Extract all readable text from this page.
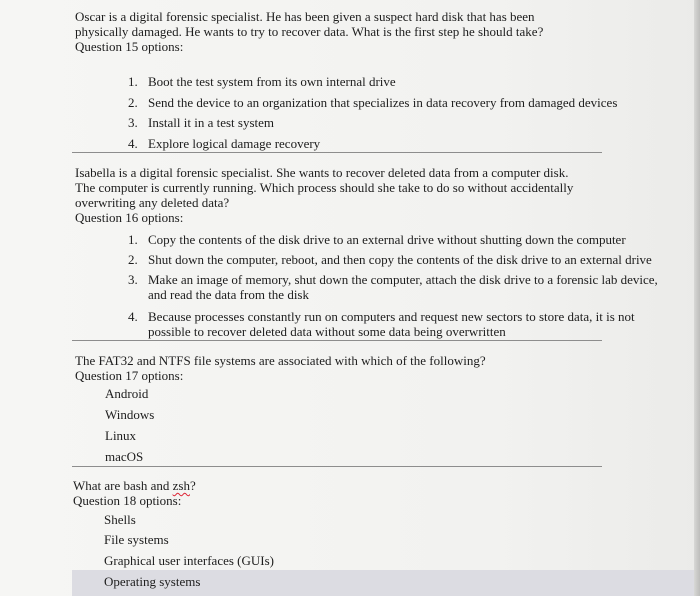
Oscar is a digital forensic specialist. He has been given a suspect hard disk that has been
physically damaged. He wants to try to recover data. What is the first step he should take?
Question 15 options:
1. Boot the test system from its own internal drive
2. Send the device to an organization that specializes in data recovery from damaged devices
3. Install it in a test system
4. Explore logical damage recovery
Isabella is a digital forensic specialist. She wants to recover deleted data from a computer disk.
The computer is currently running. Which process should she take to do so without accidentally
overwriting any deleted data?
Question 16 options:
1. Copy the contents of the disk drive to an external drive without shutting down the computer
2. Shut down the computer, reboot, and then copy the contents of the disk drive to an external drive
3. Make an image of memory, shut down the computer, attach the disk drive to a forensic lab device,
and read the data from the disk
4. Because processes constantly run on computers and request new sectors to store data, it is not
possible to recover deleted data without some data being overwritten
The FAT32 and NTFS file systems are associated with which of the following?
Question 17 options:
Android
Windows
Linux
macOS
What are bash and zsh?
Question 18 options:
Shells
File systems
Graphical user interfaces (GUIs)
Operating systems
